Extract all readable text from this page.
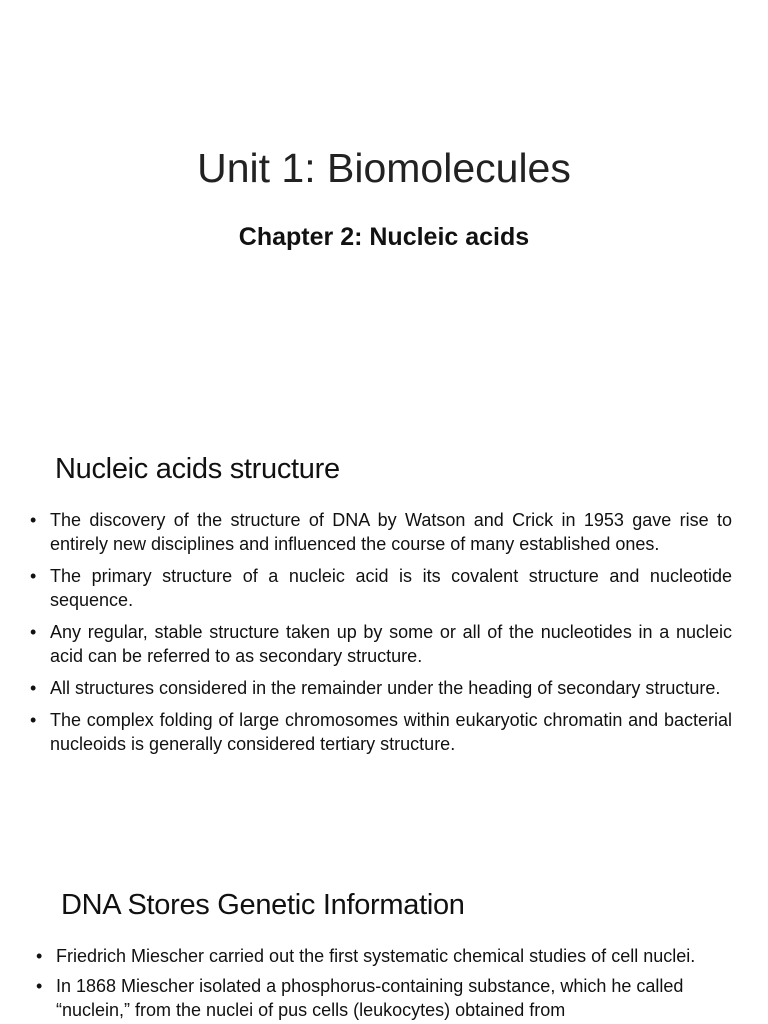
Unit 1: Biomolecules
Chapter 2: Nucleic acids
Nucleic acids structure
• The discovery of the structure of DNA by Watson and Crick in 1953 gave rise to entirely new disciplines and influenced the course of many established ones.
• The primary structure of a nucleic acid is its covalent structure and nucleotide sequence.
• Any regular, stable structure taken up by some or all of the nucleotides in a nucleic acid can be referred to as secondary structure.
• All structures considered in the remainder under the heading of secondary structure.
• The complex folding of large chromosomes within eukaryotic chromatin and bacterial nucleoids is generally considered tertiary structure.
DNA Stores Genetic Information
• Friedrich Miescher carried out the first systematic chemical studies of cell nuclei.
• In 1868 Miescher isolated a phosphorus-containing substance, which he called “nuclein,” from the nuclei of pus cells (leukocytes) obtained from
